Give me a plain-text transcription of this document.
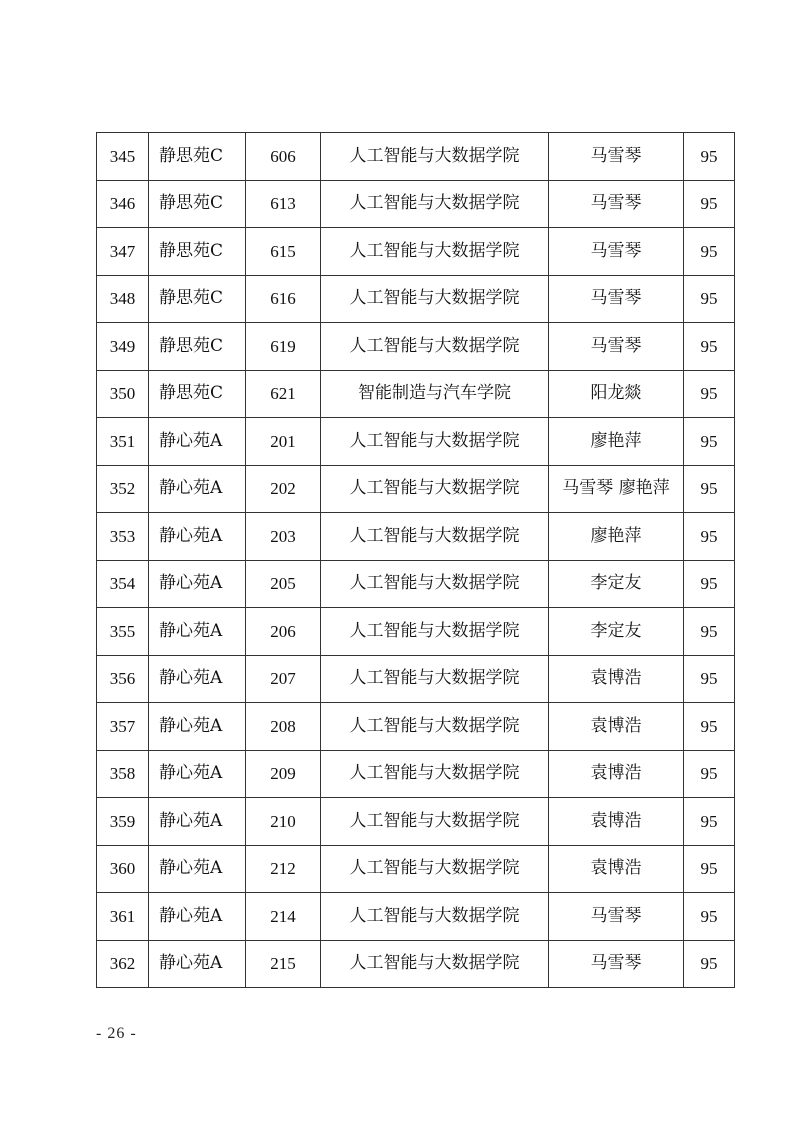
345	静思苑C	606	人工智能与大数据学院	马雪琴	95
346	静思苑C	613	人工智能与大数据学院	马雪琴	95
347	静思苑C	615	人工智能与大数据学院	马雪琴	95
348	静思苑C	616	人工智能与大数据学院	马雪琴	95
349	静思苑C	619	人工智能与大数据学院	马雪琴	95
350	静思苑C	621	智能制造与汽车学院	阳龙燚	95
351	静心苑A	201	人工智能与大数据学院	廖艳萍	95
352	静心苑A	202	人工智能与大数据学院	马雪琴 廖艳萍	95
353	静心苑A	203	人工智能与大数据学院	廖艳萍	95
354	静心苑A	205	人工智能与大数据学院	李定友	95
355	静心苑A	206	人工智能与大数据学院	李定友	95
356	静心苑A	207	人工智能与大数据学院	袁博浩	95
357	静心苑A	208	人工智能与大数据学院	袁博浩	95
358	静心苑A	209	人工智能与大数据学院	袁博浩	95
359	静心苑A	210	人工智能与大数据学院	袁博浩	95
360	静心苑A	212	人工智能与大数据学院	袁博浩	95
361	静心苑A	214	人工智能与大数据学院	马雪琴	95
362	静心苑A	215	人工智能与大数据学院	马雪琴	95
- 26 -
